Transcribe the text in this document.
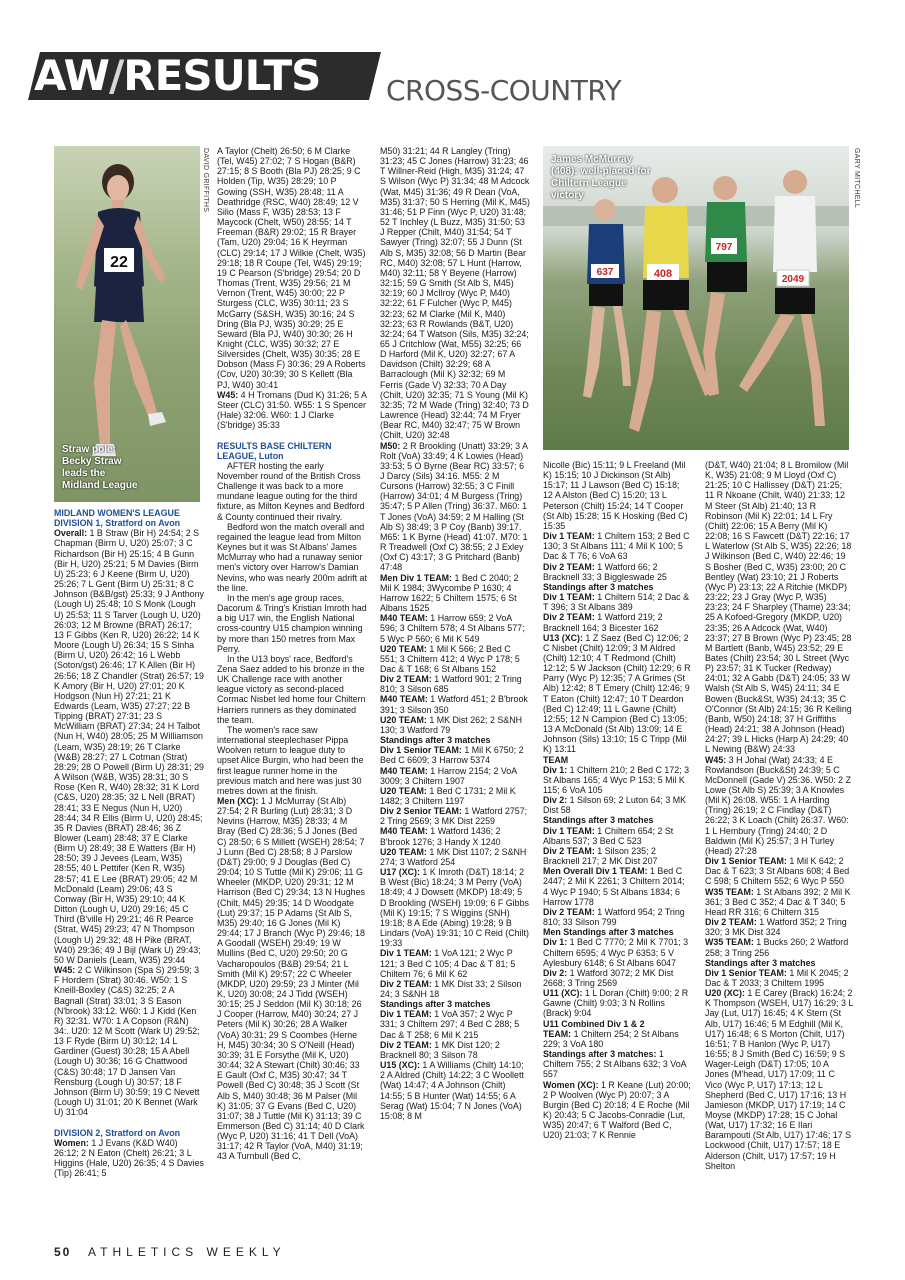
AW/RESULTS	CROSS-COUNTRY
22
Straw pole: Becky Straw leads the Midland League
DAVID GRIFFITHS
637	408
797
2049
James McMurray (408): well-placed for Chiltern League victory	GARY MITCHELL

MIDLAND WOMEN'S LEAGUE DIVISION 1, Stratford on Avon

Overall: 1 B Straw (Bir H) 24:54; 2 S Chapman (Birm U, U20) 25:07; 3 C Richardson (Bir H) 25:15; 4 B Gunn (Bir H, U20) 25:21; 5 M Davies (Birm U) 25:23; 6 J Keene (Birm U, U20) 25:26; 7 L Gent (Birm U) 25:31; 8 C Johnson (B&B/gst) 25:33; 9 J Anthony (Lough U) 25:48; 10 S Monk (Lough U) 25:53; 11 S Tarver (Lough U, U20) 26:03; 12 M Browne (BRAT) 26:17; 13 F Gibbs (Ken R, U20) 26:22; 14 K Moore (Lough U) 26:34; 15 S Sinha (Birm U, U20) 26:42; 16 L Webb (Soton/gst) 26:46; 17 K Allen (Bir H) 26:56; 18 Z Chandler (Strat) 26:57; 19 K Amory (Bir H, U20) 27:01; 20 K Hodgson (Nun H) 27:21; 21 K Edwards (Leam, W35) 27:27; 22 B Tipping (BRAT) 27:31; 23 S McWilliam (BRAT) 27:34; 24 H Talbot (Nun H, W40) 28:05; 25 M Williamson (Leam, W35) 28:19; 26 T Clarke (W&B) 28:27; 27 L Cotman (Strat) 28:29; 28 O Powell (Birm U) 28:31; 29 A Wilson (W&B, W35) 28:31; 30 S Rose (Ken R, W40) 28:32; 31 K Lord (C&S, U20) 28:35; 32 L Nell (BRAT) 28:41; 33 E Negus (Nun H, U20) 28:44; 34 R Ellis (Birm U, U20) 28:45; 35 R Davies (BRAT) 28:46; 36 Z Blower (Leam) 28:48; 37 E Clarke (Birm U) 28:49; 38 E Watters (Bir H) 28:50; 39 J Jevees (Leam, W35) 28:55; 40 L Pettifer (Ken R, W35) 28:57; 41 E Lee (BRAT) 29:05; 42 M McDonald (Leam) 29:06; 43 S Conway (Bir H, W35) 29:10; 44 K Ditton (Lough U, U20) 29:16; 45 C Third (B'ville H) 29:21; 46 R Pearce (Strat, W45) 29:23; 47 N Thompson (Lough U) 29:32; 48 H Pike (BRAT, W40) 29:36; 49 J Bijl (Wark U) 29:43; 50 W Daniels (Leam, W35) 29:44

W45: 2 C Wilkinson (Spa S) 29:59; 3 F Hordern (Strat) 30:46. W50: 1 S Kneill-Boxley (C&S) 32:25; 2 A Bagnall (Strat) 33:01; 3 S Eason (N'brook) 33:12. W60: 1 J Kidd (Ken R) 32:31. W70: 1 A Copson (R&N) 34:. U20: 12 M Scott (Wark U) 29:52; 13 F Ryde (Birm U) 30:12; 14 L Gardiner (Guest) 30:28; 15 A Abell (Lough U) 30:36; 16 G Chattwood (C&S) 30:48; 17 D Jansen Van Rensburg (Lough U) 30:57; 18 F Johnson (Birm U) 30:59; 19 C Nevett (Lough U) 31:01; 20 K Bennet (Wark U) 31:04

DIVISION 2, Stratford on Avon

Women: 1 J Evans (K&D W40) 26:12; 2 N Eaton (Chelt) 26:21; 3 L Higgins (Hale, U20) 26:35; 4 S Davies (Tip) 26:41; 5

A Taylor (Chelt) 26:50; 6 M Clarke (Tel, W45) 27:02; 7 S Hogan (B&R) 27:15; 8 S Booth (Bla PJ) 28:25; 9 C Holden (Tip, W35) 28:29; 10 P Gowing (SSH, W35) 28:48; 11 A Deathridge (RSC, W40) 28:49; 12 V Silio (Mass F, W35) 28:53; 13 F Maycock (Chelt, W50) 28:55; 14 T Freeman (B&R) 29:02; 15 R Brayer (Tam, U20) 29:04; 16 K Heyrman (CLC) 29:14; 17 J Wilkie (Chelt, W35) 29:18; 18 R Coupe (Tel, W45) 29:19; 19 C Pearson (S'bridge) 29:54; 20 D Thomas (Trent, W35) 29:56; 21 M Vernon (Trent, W45) 30:00; 22 P Sturgess (CLC, W35) 30:11; 23 S McGarry (S&SH, W35) 30:16; 24 S Dring (Bla PJ, W35) 30:29; 25 E Seward (Bla PJ, W40) 30:30; 26 H Knight (CLC, W35) 30:32; 27 E Silversides (Chelt, W35) 30:35; 28 E Dobson (Mass F) 30:36; 29 A Roberts (Cov, U20) 30:39; 30 S Kellett (Bla PJ, W40) 30:41

W45: 4 H Tromans (Dud K) 31:26; 5 A Steer (CLC) 31:50. W55: 1 S Spencer (Hale) 32:06. W60: 1 J Clarke (S'bridge) 35:33

RESULTS BASE CHILTERN LEAGUE, Luton

AFTER hosting the early November round of the British Cross Challenge it was back to a more mundane league outing for the third fixture, as Milton Keynes and Bedford & County continued their rivalry.

Bedford won the match overall and regained the league lead from Milton Keynes but it was St Albans' James McMurray who had a runaway senior men's victory over Harrow's Damian Nevins, who was nearly 200m adrift at the line.

In the men's age group races, Dacorum & Tring's Kristian Imroth had a big U17 win, the English National cross-country U15 champion winning by more than 150 metres from Max Perry.

In the U13 boys' race, Bedford's Zena Saez added to his bronze in the UK Challenge race with another league victory as second-placed Cormac Nisbet led home four Chiltern Harriers runners as they dominated the team.

The women's race saw international steeplechaser Pippa Woolven return to league duty to upset Alice Burgin, who had been the first league runner home in the previous match and here was just 30 metres down at the finish.

Men (XC): 1 J McMurray (St Alb) 27:54; 2 R Burling (Lut) 28:31; 3 D Nevins (Harrow, M35) 28:33; 4 M Bray (Bed C) 28:36; 5 J Jones (Bed C) 28:50; 6 S Millett (WSEH) 28:54; 7 J Lunn (Bed C) 28:58; 8 J Parslow (D&T) 29:00; 9 J Douglas (Bed C) 29:04; 10 S Tuttle (Mil K) 29:06; 11 G Wheeler (MKDP, U20) 29:31; 12 M Harrison (Bed C) 29:34; 13 N Hughes (Chilt, M45) 29:35; 14 D Woodgate (Lut) 29:37; 15 P Adams (St Alb S, M35) 29:40; 16 G Jones (Mil K) 29:44; 17 J Branch (Wyc P) 29:46; 18 A Goodall (WSEH) 29:49; 19 W Mullins (Bed C, U20) 29:50; 20 G Vacharopoulos (B&B) 29:54; 21 L Smith (Mil K) 29:57; 22 C Wheeler (MKDP, U20) 29:59; 23 J Minter (Mil K, U20) 30:08; 24 J Tidd (WSEH) 30:15; 25 J Seddon (Mil K) 30:18; 26 J Cooper (Harrow, M40) 30:24; 27 J Peters (Mil K) 30:26; 28 A Walker (VoA) 30:31; 29 S Coombes (Herne H, M45) 30:34; 30 S O'Neill (Head) 30:39; 31 E Forsythe (Mil K, U20) 30:44; 32 A Stewart (Chilt) 30:46; 33 E Gault (Oxf C, M35) 30:47; 34 T Powell (Bed C) 30:48; 35 J Scott (St Alb S, M40) 30:48; 36 M Palser (Mil K) 31:05; 37 G Evans (Bed C, U20) 31:07; 38 J Tuttle (Mil K) 31:13; 39 C Emmerson (Bed C) 31:14; 40 D Clark (Wyc P, U20) 31:16; 41 T Dell (VoA) 31:17; 42 R Taylor (VoA, M40) 31:19; 43 A Turnbull (Bed C,

M50) 31:21; 44 R Langley (Tring) 31:23; 45 C Jones (Harrow) 31:23; 46 T Willner-Reid (High, M35) 31:24; 47 S Wilson (Wyc P) 31:34; 48 M Adcock (Wat, M45) 31:36; 49 R Dean (VoA, M35) 31:37; 50 S Herring (Mil K, M45) 31:46; 51 P Finn (Wyc P, U20) 31:48; 52 T Inchley (L Buzz, M35) 31:50; 53 J Repper (Chilt, M40) 31:54; 54 T Sawyer (Tring) 32:07; 55 J Dunn (St Alb S, M35) 32:08; 56 D Martin (Bear RC, M40) 32:08; 57 L Hunt (Harrow, M40) 32:11; 58 Y Beyene (Harrow) 32:15; 59 G Smith (St Alb S, M45) 32:19; 60 J McIlroy (Wyc P, M40) 32:22; 61 F Fulcher (Wyc P, M45) 32:23; 62 M Clarke (Mil K, M40) 32:23; 63 R Rowlands (B&T, U20) 32:24; 64 T Watson (Sils, M35) 32:24; 65 J Critchlow (Wat, M55) 32:25; 66 D Harford (Mil K, U20) 32:27; 67 A Davidson (Chilt) 32:29; 68 A Barraclough (Mil K) 32:32; 69 M Ferris (Gade V) 32:33; 70 A Day (Chilt, U20) 32:35; 71 S Young (Mil K) 32:35; 72 M Wade (Tring) 32:40; 73 D Lawrence (Head) 32:44; 74 M Fryer (Bear RC, M40) 32:47; 75 W Brown (Chilt, U20) 32:48

M50: 2 R Brookling (Unatt) 33:29; 3 A Rolt (VoA) 33:49; 4 K Lowies (Head) 33:53; 5 O Byrne (Bear RC) 33:57; 6 J Darcy (Sils) 34:16. M55: 2 M Cursons (Harrow) 32:55; 3 C Finill (Harrow) 34:01; 4 M Burgess (Tring) 35:47; 5 P Allen (Tring) 36:37. M60: 1 T Jones (VoA) 34:59; 2 M Halling (St Alb S) 38:49; 3 P Coy (Banb) 39:17. M65: 1 K Byrne (Head) 41:07. M70: 1 R Treadwell (Oxf C) 38:55; 2 J Exley (Oxf C) 43:17; 3 G Pritchard (Banb) 47:48

Men Div 1 TEAM: 1 Bed C 2040; 2 Mil K 1984; 3Wycombe P 1630; 4 Harrow 1622; 5 Chiltern 1575; 6 St Albans 1525

M40 TEAM: 1 Harrow 659; 2 VoA 596; 3 Chiltern 578; 4 St Albans 577; 5 Wyc P 560; 6 Mil K 549

U20 TEAM: 1 Mil K 566; 2 Bed C 551; 3 Chiltern 412; 4 Wyc P 178; 5 Dac & T 168; 6 St Albans 152

Div 2 TEAM: 1 Watford 901; 2 Tring 810; 3 Silson 685

M40 TEAM: 1 Watford 451; 2 B'brook 391; 3 Silson 350

U20 TEAM: 1 MK Dist 262; 2 S&NH 130; 3 Watford 79

Standings after 3 matches

Div 1 Senior TEAM: 1 Mil K 6750; 2 Bed C 6609; 3 Harrow 5374

M40 TEAM: 1 Harrow 2154; 2 VoA 3009; 3 Chiltern 1907

U20 TEAM: 1 Bed C 1731; 2 Mil K 1482; 3 Chiltern 1197

Div 2 Senior TEAM: 1 Watford 2757; 2 Tring 2569; 3 MK Dist 2259

M40 TEAM: 1 Watford 1436; 2 B'brook 1276; 3 Handy X 1240

U20 TEAM: 1 MK Dist 1107; 2 S&NH 274; 3 Watford 254

U17 (XC): 1 K Imroth (D&T) 18:14; 2 B West (Bic) 18:24; 3 M Perry (VoA) 18:49; 4 J Dowsett (MKDP) 18:49; 5 D Brookling (WSEH) 19:09; 6 F Gibbs (Mil K) 19:15; 7 S Wiggins (SNH) 19:18; 8 A Ede (Abing) 19:28; 9 B Lindars (VoA) 19:31; 10 C Reid (Chilt) 19:33

Div 1 TEAM: 1 VoA 121; 2 Wyc P 121; 3 Bed C 105; 4 Dac & T 81; 5 Chiltern 76; 6 Mil K 62

Div 2 TEAM: 1 MK Dist 33; 2 Silson 24; 3 S&NH 18

Standings after 3 matches

Div 1 TEAM: 1 VoA 357; 2 Wyc P 331; 3 Chiltern 297; 4 Bed C 288; 5 Dac & T 258; 6 Mil K 215

Div 2 TEAM: 1 MK Dist 120; 2 Bracknell 80; 3 Silson 78

U15 (XC): 1 A Williams (Chilt) 14:10; 2 A Aldred (Chilt) 14:22; 3 C Woollett (Wat) 14:47; 4 A Johnson (Chilt) 14:55; 5 B Hunter (Wat) 14:55; 6 A Serag (Wat) 15:04; 7 N Jones (VoA) 15:08; 8 M

Nicolle (Bic) 15:11; 9 L Freeland (Mil K) 15:15; 10 J Dickinson (St Alb) 15:17; 11 J Lawson (Bed C) 15:18; 12 A Alston (Bed C) 15:20; 13 L Peterson (Chilt) 15:24; 14 T Cooper (St Alb) 15:28; 15 K Hosking (Bed C) 15:35

Div 1 TEAM: 1 Chiltern 153; 2 Bed C 130; 3 St Albans 111; 4 Mil K 100; 5 Dac & T 76; 6 VoA 63

Div 2 TEAM: 1 Watford 66; 2 Bracknell 33; 3 Biggleswade 25

Standings after 3 matches

Div 1 TEAM: 1 Chiltern 514; 2 Dac & T 396; 3 St Albans 389

Div 2 TEAM: 1 Watford 219; 2 Bracknell 164; 3 Bicester 162

U13 (XC): 1 Z Saez (Bed C) 12:06; 2 C Nisbet (Chilt) 12:09; 3 M Aldred (Chilt) 12:10; 4 T Redmond (Chilt) 12:12; 5 W Jackson (Chilt) 12:29; 6 R Parry (Wyc P) 12:35; 7 A Grimes (St Alb) 12:42; 8 T Emery (Chilt) 12:46; 9 T Eaton (Chilt) 12:47; 10 T Deardon (Bed C) 12:49; 11 L Gawne (Chilt) 12:55; 12 N Campion (Bed C) 13:05; 13 A McDonald (St Alb) 13:09; 14 E Johnson (Sils) 13:10; 15 C Tripp (Mil K) 13:11

TEAM

Div 1: 1 Chiltern 210; 2 Bed C 172; 3 St Albans 165; 4 Wyc P 153; 5 Mil K 115; 6 VoA 105

Div 2: 1 Silson 69; 2 Luton 64; 3 MK Dist 58

Standings after 3 matches

Div 1 TEAM: 1 Chiltern 654; 2 St Albans 537; 3 Bed C 523

Div 2 TEAM: 1 Silson 235; 2 Bracknell 217; 2 MK Dist 207

Men Overall Div 1 TEAM: 1 Bed C 2447; 2 Mil K 2261; 3 Chiltern 2014; 4 Wyc P 1940; 5 St Albans 1834; 6 Harrow 1778

Div 2 TEAM: 1 Watford 954; 2 Tring 810; 33 Silson 799

Men Standings after 3 matches

Div 1: 1 Bed C 7770; 2 Mil K 7701; 3 Chiltern 6595; 4 Wyc P 6353; 5 V Aylesbury 6148; 6 St Albans 6047

Div 2: 1 Watford 3072; 2 MK Dist 2668; 3 Tring 2569

U11 (XC): 1 L Doran (Chilt) 9:00; 2 R Gawne (Chilt) 9:03; 3 N Rollins (Brack) 9:04

U11 Combined Div 1 & 2

TEAM: 1 Chiltern 254; 2 St Albans 229; 3 VoA 180

Standings after 3 matches: 1 Chiltern 755; 2 St Albans 632; 3 VoA 557

Women (XC): 1 R Keane (Lut) 20:00; 2 P Woolven (Wyc P) 20:07; 3 A Burgin (Bed C) 20:18; 4 E Roche (Mil K) 20:43; 5 C Jacobs-Conradie (Lut, W35) 20:47; 6 T Walford (Bed C, U20) 21:03; 7 K Rennie

(D&T, W40) 21:04; 8 L Bromilow (Mil K, W35) 21:08; 9 M Lloyd (Oxf C) 21:25; 10 C Hallissey (D&T) 21:25; 11 R Nkoane (Chilt, W40) 21:33; 12 M Steer (St Alb) 21:40; 13 R Robinson (Mil K) 22:01; 14 L Fry (Chilt) 22:06; 15 A Berry (Mil K) 22:08; 16 S Fawcett (D&T) 22:16; 17 L Waterlow (St Alb S, W35) 22:26; 18 J Wilkinson (Bed C, W40) 22:46; 19 S Bosher (Bed C, W35) 23:00; 20 C Bentley (Wat) 23:10; 21 J Roberts (Wyc P) 23:13; 22 A Ritchie (MKDP) 23:22; 23 J Gray (Wyc P, W35) 23:23; 24 F Sharpley (Thame) 23:34; 25 A Kofoed-Gregory (MKDP, U20) 23:35; 26 A Adcock (Wat, W40) 23:37; 27 B Brown (Wyc P) 23:45; 28 M Bartlett (Banb, W45) 23:52; 29 E Bates (Chilt) 23:54; 30 L Street (Wyc P) 23:57; 31 K Tucker (Redway) 24:01; 32 A Gabb (D&T) 24:05; 33 W Walsh (St Alb S, W45) 24:11; 34 E Bowen (Buck&St, W35) 24:13; 35 C O'Connor (St Alb) 24:15; 36 R Kelling (Banb, W50) 24:18; 37 H Griffiths (Head) 24:21; 38 A Johnson (Head) 24:27; 39 L Hicks (Harp A) 24:29; 40 L Newing (B&W) 24:33

W45: 3 H Johal (Wat) 24:33; 4 E Rowlandson (Buck&St) 24:39; 5 C McDonnell (Gade V) 25:36. W50: 2 Z Lowe (St Alb S) 25:39; 3 A Knowles (Mil K) 26:08. W55: 1 A Harding (Tring) 26:19; 2 C Findlay (D&T) 26:22; 3 K Loach (Chilt) 26:37. W60: 1 L Hembury (Tring) 24:40; 2 D Baldwin (Mil K) 25:57; 3 H Turley (Head) 27:28

Div 1 Senior TEAM: 1 Mil K 642; 2 Dac & T 623; 3 St Albans 608; 4 Bed C 598; 5 Chiltern 552; 6 Wyc P 550

W35 TEAM: 1 St Albans 392; 2 Mil K 361; 3 Bed C 352; 4 Dac & T 340; 5 Head RR 316; 6 Chiltern 315

Div 2 TEAM: 1 Watford 352; 2 Tring 320; 3 MK Dist 324

W35 TEAM: 1 Bucks 260; 2 Watford 258; 3 Tring 256

Standings after 3 matches

Div 1 Senior TEAM: 1 Mil K 2045; 2 Dac & T 2033; 3 Chiltern 1995

U20 (XC): 1 E Carey (Brack) 16:24; 2 K Thompson (WSEH, U17) 16:29; 3 L Jay (Lut, U17) 16:45; 4 K Stern (St Alb, U17) 16:46; 5 M Edghill (Mil K, U17) 16:48; 6 S Morton (Chilt, U17) 16:51; 7 B Hanlon (Wyc P, U17) 16:55; 8 J Smith (Bed C) 16:59; 9 S Wager-Leigh (D&T) 17:05; 10 A Jones (M'head, U17) 17:09; 11 C Vico (Wyc P, U17) 17:13; 12 L Shepherd (Bed C, U17) 17:16; 13 H Jamieson (MKDP, U17) 17:19; 14 C Moyse (MKDP) 17:28; 15 C Johal (Wat, U17) 17:32; 16 E Ilari Barampouti (St Alb, U17) 17:46; 17 S Lockwood (Chilt, U17) 17:57; 18 E Alderson (Chilt, U17) 17:57; 19 H Shelton

50 ATHLETICS WEEKLY
